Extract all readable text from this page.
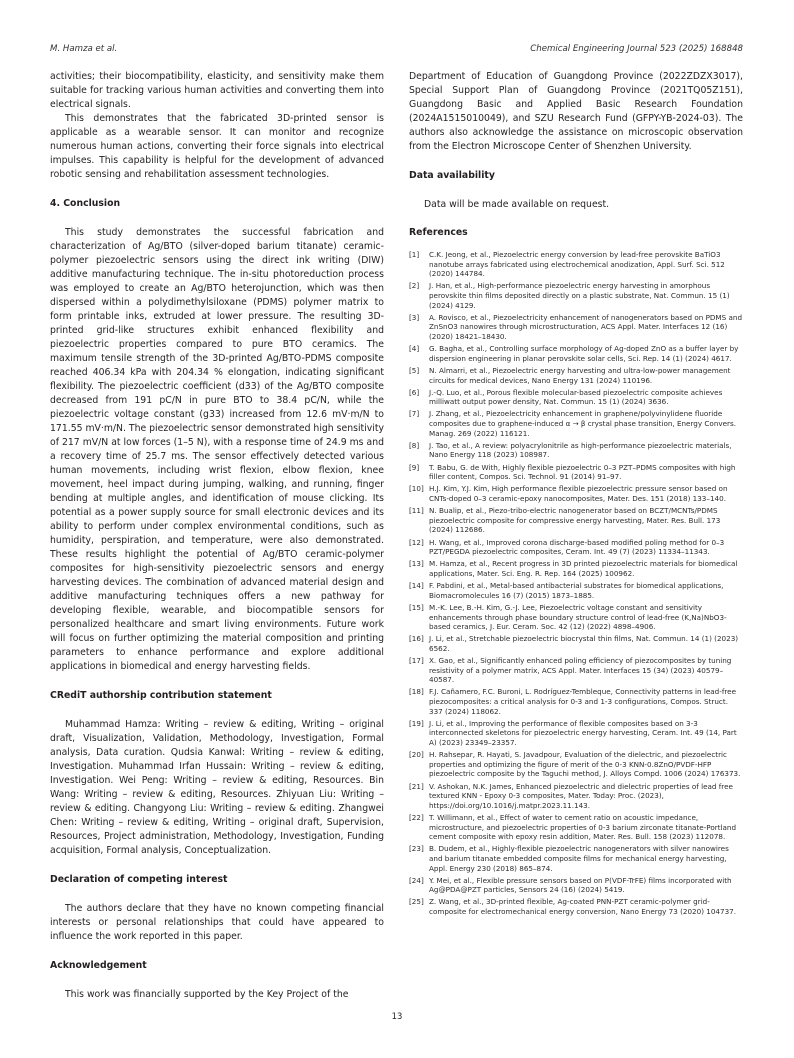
M. Hamza et al.	Chemical Engineering Journal 523 (2025) 168848

activities; their biocompatibility, elasticity, and sensitivity make them suitable for tracking various human activities and converting them into electrical signals.

This demonstrates that the fabricated 3D-printed sensor is applicable as a wearable sensor. It can monitor and recognize numerous human actions, converting their force signals into electrical impulses. This capability is helpful for the development of advanced robotic sensing and rehabilitation assessment technologies.

4. Conclusion

This study demonstrates the successful fabrication and characterization of Ag/BTO (silver-doped barium titanate) ceramic-polymer piezoelectric sensors using the direct ink writing (DIW) additive manufacturing technique. The in-situ photoreduction process was employed to create an Ag/BTO heterojunction, which was then dispersed within a polydimethylsiloxane (PDMS) polymer matrix to form printable inks, extruded at lower pressure. The resulting 3D-printed grid-like structures exhibit enhanced flexibility and piezoelectric properties compared to pure BTO ceramics. The maximum tensile strength of the 3D-printed Ag/BTO-PDMS composite reached 406.34 kPa with 204.34 % elongation, indicating significant flexibility. The piezoelectric coefficient (d33) of the Ag/BTO composite decreased from 191 pC/N in pure BTO to 38.4 pC/N, while the piezoelectric voltage constant (g33) increased from 12.6 mV·m/N to 171.55 mV·m/N. The piezoelectric sensor demonstrated high sensitivity of 217 mV/N at low forces (1–5 N), with a response time of 24.9 ms and a recovery time of 25.7 ms. The sensor effectively detected various human movements, including wrist flexion, elbow flexion, knee movement, heel impact during jumping, walking, and running, finger bending at multiple angles, and identification of mouse clicking. Its potential as a power supply source for small electronic devices and its ability to perform under complex environmental conditions, such as humidity, perspiration, and temperature, were also demonstrated. These results highlight the potential of Ag/BTO ceramic-polymer composites for high-sensitivity piezoelectric sensors and energy harvesting devices. The combination of advanced material design and additive manufacturing techniques offers a new pathway for developing flexible, wearable, and biocompatible sensors for personalized healthcare and smart living environments. Future work will focus on further optimizing the material composition and printing parameters to enhance performance and explore additional applications in biomedical and energy harvesting fields.

CRediT authorship contribution statement

Muhammad Hamza: Writing – review & editing, Writing – original draft, Visualization, Validation, Methodology, Investigation, Formal analysis, Data curation. Qudsia Kanwal: Writing – review & editing, Investigation. Muhammad Irfan Hussain: Writing – review & editing, Investigation. Wei Peng: Writing – review & editing, Resources. Bin Wang: Writing – review & editing, Resources. Zhiyuan Liu: Writing – review & editing. Changyong Liu: Writing – review & editing. Zhangwei Chen: Writing – review & editing, Writing – original draft, Supervision, Resources, Project administration, Methodology, Investigation, Funding acquisition, Formal analysis, Conceptualization.

Declaration of competing interest

The authors declare that they have no known competing financial interests or personal relationships that could have appeared to influence the work reported in this paper.

Acknowledgement

This work was financially supported by the Key Project of the

Department of Education of Guangdong Province (2022ZDZX3017), Special Support Plan of Guangdong Province (2021TQ05Z151), Guangdong Basic and Applied Basic Research Foundation (2024A1515010049), and SZU Research Fund (GFPY-YB-2024-03). The authors also acknowledge the assistance on microscopic observation from the Electron Microscope Center of Shenzhen University.

Data availability

Data will be made available on request.

References
[1]	C.K. Jeong, et al., Piezoelectric energy conversion by lead-free perovskite BaTiO3 nanotube arrays fabricated using electrochemical anodization, Appl. Surf. Sci. 512 (2020) 144784.
[2]	J. Han, et al., High-performance piezoelectric energy harvesting in amorphous perovskite thin films deposited directly on a plastic substrate, Nat. Commun. 15 (1) (2024) 4129.
[3]	A. Rovisco, et al., Piezoelectricity enhancement of nanogenerators based on PDMS and ZnSnO3 nanowires through microstructuration, ACS Appl. Mater. Interfaces 12 (16) (2020) 18421–18430.
[4]	G. Bagha, et al., Controlling surface morphology of Ag-doped ZnO as a buffer layer by dispersion engineering in planar perovskite solar cells, Sci. Rep. 14 (1) (2024) 4617.
[5]	N. Almarri, et al., Piezoelectric energy harvesting and ultra-low-power management circuits for medical devices, Nano Energy 131 (2024) 110196.
[6]	J.-Q. Luo, et al., Porous flexible molecular-based piezoelectric composite achieves milliwatt output power density, Nat. Commun. 15 (1) (2024) 3636.
[7]	J. Zhang, et al., Piezoelectricity enhancement in graphene/polyvinylidene fluoride composites due to graphene-induced α → β crystal phase transition, Energy Convers. Manag. 269 (2022) 116121.
[8]	J. Tao, et al., A review: polyacrylonitrile as high-performance piezoelectric materials, Nano Energy 118 (2023) 108987.
[9]	T. Babu, G. de With, Highly flexible piezoelectric 0–3 PZT–PDMS composites with high filler content, Compos. Sci. Technol. 91 (2014) 91–97.
[10] H.J. Kim, Y.J. Kim, High performance flexible piezoelectric pressure sensor based on CNTs-doped 0–3 ceramic-epoxy nanocomposites, Mater. Des. 151 (2018) 133–140.
[11] N. Bualip, et al., Piezo-tribo-electric nanogenerator based on BCZT/MCNTs/PDMS piezoelectric composite for compressive energy harvesting, Mater. Res. Bull. 173 (2024) 112686.
[12] H. Wang, et al., Improved corona discharge-based modified poling method for 0–3 PZT/PEGDA piezoelectric composites, Ceram. Int. 49 (7) (2023) 11334–11343.
[13] M. Hamza, et al., Recent progress in 3D printed piezoelectric materials for biomedical applications, Mater. Sci. Eng. R. Rep. 164 (2025) 100962.
[14] F. Pabdini, et al., Metal-based antibacterial substrates for biomedical applications, Biomacromolecules 16 (7) (2015) 1873–1885.
[15] M.-K. Lee, B.-H. Kim, G.-J. Lee, Piezoelectric voltage constant and sensitivity enhancements through phase boundary structure control of lead-free (K,Na)NbO3-based ceramics, J. Eur. Ceram. Soc. 42 (12) (2022) 4898–4906.
[16] J. Li, et al., Stretchable piezoelectric biocrystal thin films, Nat. Commun. 14 (1) (2023) 6562.
[17] X. Gao, et al., Significantly enhanced poling efficiency of piezocomposites by tuning resistivity of a polymer matrix, ACS Appl. Mater. Interfaces 15 (34) (2023) 40579–40587.
[18] F.J. Cañamero, F.C. Buroni, L. Rodríguez-Tembleque, Connectivity patterns in lead-free piezocomposites: a critical analysis for 0-3 and 1-3 configurations, Compos. Struct. 337 (2024) 118062.
[19] J. Li, et al., Improving the performance of flexible composites based on 3-3 interconnected skeletons for piezoelectric energy harvesting, Ceram. Int. 49 (14, Part A) (2023) 23349–23357.
[20] H. Rahsepar, R. Hayati, S. Javadpour, Evaluation of the dielectric, and piezoelectric properties and optimizing the figure of merit of the 0-3 KNN-0.8ZnO/PVDF-HFP piezoelectric composite by the Taguchi method, J. Alloys Compd. 1006 (2024) 176373.
[21] V. Ashokan, N.K. James, Enhanced piezoelectric and dielectric properties of lead free textured KNN - Epoxy 0-3 composites, Mater. Today: Proc. (2023), https://doi.org/10.1016/j.matpr.2023.11.143.
[22] T. Willimann, et al., Effect of water to cement ratio on acoustic impedance, microstructure, and piezoelectric properties of 0-3 barium zirconate titanate-Portland cement composite with epoxy resin addition, Mater. Res. Bull. 158 (2023) 112078.
[23] B. Dudem, et al., Highly-flexible piezoelectric nanogenerators with silver nanowires and barium titanate embedded composite films for mechanical energy harvesting, Appl. Energy 230 (2018) 865–874.
[24] Y. Mei, et al., Flexible pressure sensors based on P(VDF-TrFE) films incorporated with Ag@PDA@PZT particles, Sensors 24 (16) (2024) 5419.
[25] Z. Wang, et al., 3D-printed flexible, Ag-coated PNN-PZT ceramic-polymer grid-composite for electromechanical energy conversion, Nano Energy 73 (2020) 104737.
13
